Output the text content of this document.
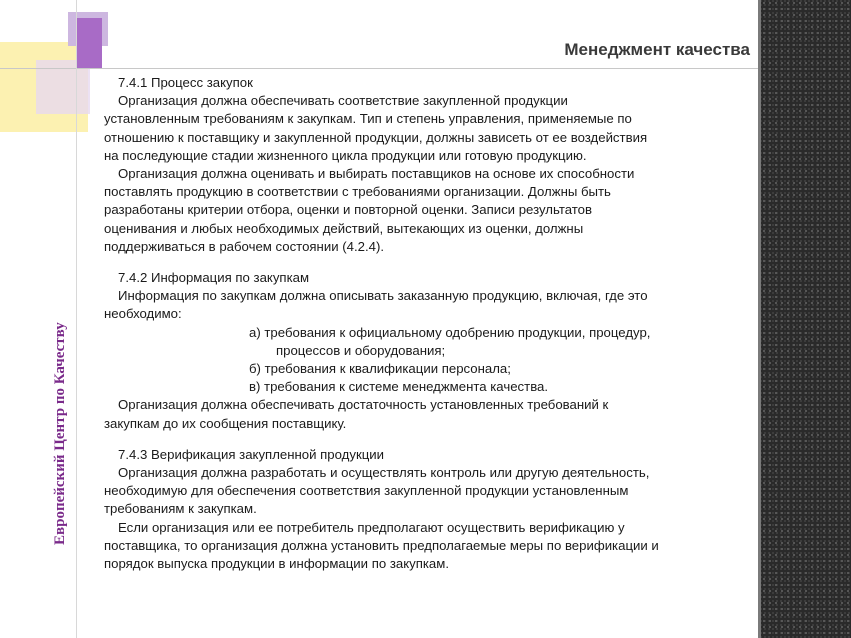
Менеджмент качества
Европейский Центр по Качеству

7.4.1 Процесс закупок

Организация должна обеспечивать соответствие закупленной продукции

установленным требованиям к закупкам. Тип и степень управления, применяемые по

отношению к поставщику и закупленной продукции, должны зависеть от ее воздействия

на последующие стадии жизненного цикла продукции или готовую продукцию.

Организация должна оценивать и выбирать поставщиков на основе их способности

поставлять продукцию в соответствии с требованиями организации. Должны быть

разработаны критерии отбора, оценки и повторной оценки. Записи результатов

оценивания и любых необходимых действий, вытекающих из оценки, должны

поддерживаться в рабочем состоянии (4.2.4).

7.4.2 Информация по закупкам

Информация по закупкам должна описывать заказанную продукцию, включая, где это

необходимо:

а) требования к официальному одобрению продукции, процедур,

процессов и оборудования;

б) требования к квалификации персонала;

в) требования к системе менеджмента качества.

Организация должна обеспечивать достаточность установленных требований к

закупкам до их сообщения поставщику.

7.4.3 Верификация закупленной продукции

Организация должна разработать и осуществлять контроль или другую деятельность,

необходимую для обеспечения соответствия закупленной продукции установленным

требованиям к закупкам.

Если организация или ее потребитель предполагают осуществить верификацию у

поставщика, то организация должна установить предполагаемые меры по верификации и

порядок выпуска продукции в информации по закупкам.
